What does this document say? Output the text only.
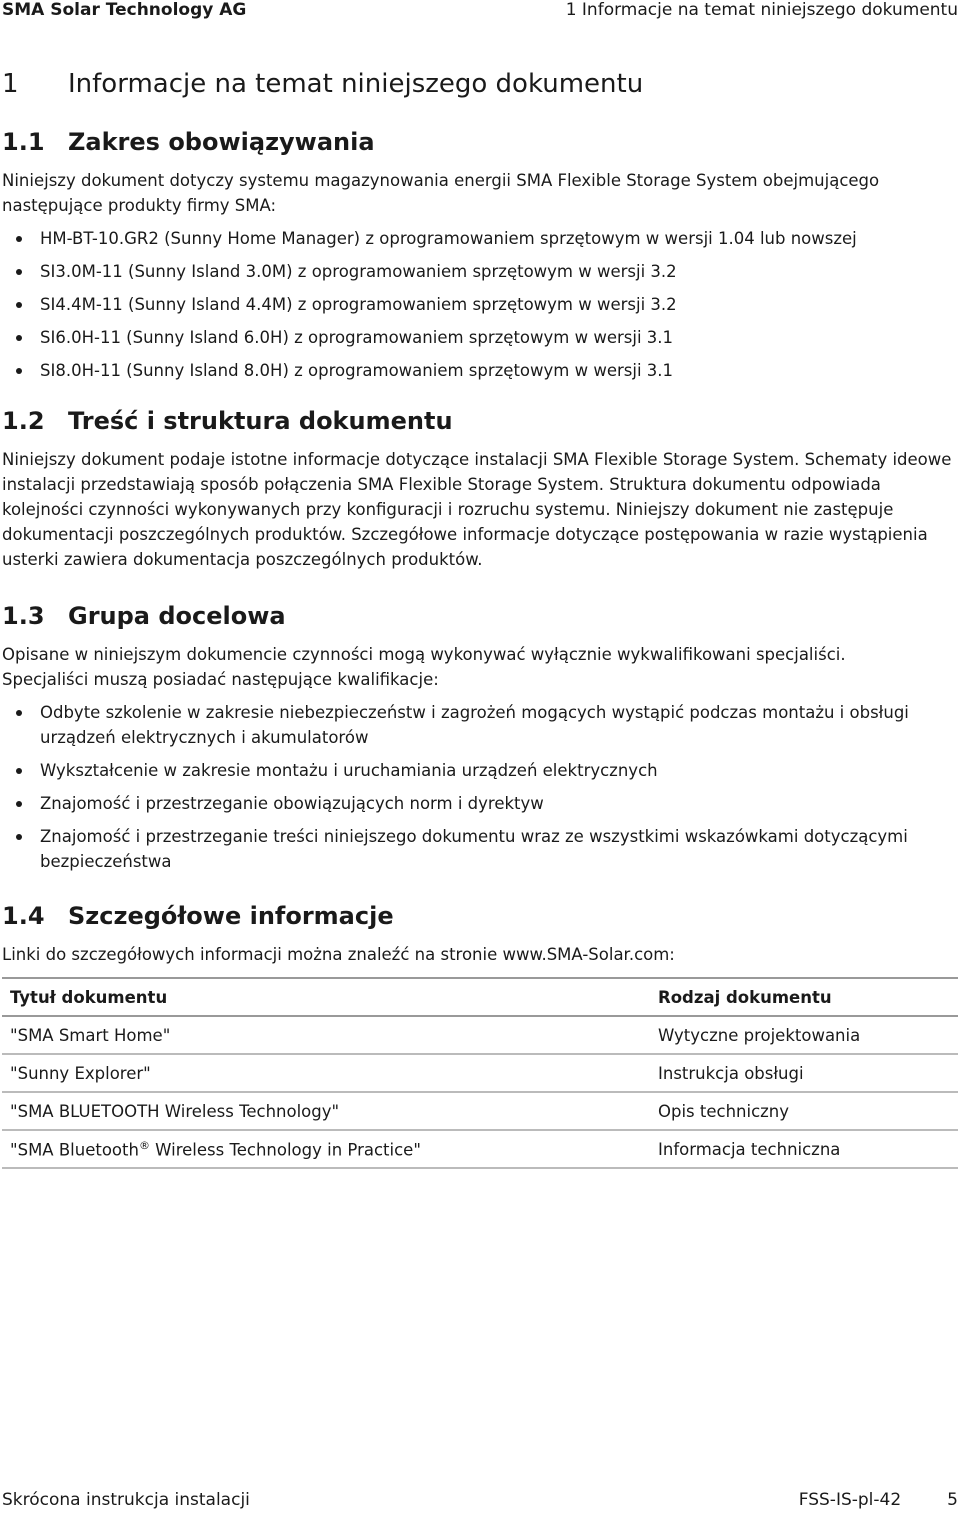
SMA Solar Technology AG	1 Informacje na temat niniejszego dokumentu
1 Informacje na temat niniejszego dokumentu
1.1 Zakres obowiązywania

Niniejszy dokument dotyczy systemu magazynowania energii SMA Flexible Storage System obejmującego następujące produkty firmy SMA:

HM-BT-10.GR2 (Sunny Home Manager) z oprogramowaniem sprzętowym w wersji 1.04 lub nowszej
SI3.0M-11 (Sunny Island 3.0M) z oprogramowaniem sprzętowym w wersji 3.2
SI4.4M-11 (Sunny Island 4.4M) z oprogramowaniem sprzętowym w wersji 3.2
SI6.0H-11 (Sunny Island 6.0H) z oprogramowaniem sprzętowym w wersji 3.1
SI8.0H-11 (Sunny Island 8.0H) z oprogramowaniem sprzętowym w wersji 3.1
1.2 Treść i struktura dokumentu

Niniejszy dokument podaje istotne informacje dotyczące instalacji SMA Flexible Storage System. Schematy ideowe instalacji przedstawiają sposób połączenia SMA Flexible Storage System. Struktura dokumentu odpowiada kolejności czynności wykonywanych przy konfiguracji i rozruchu systemu. Niniejszy dokument nie zastępuje dokumentacji poszczególnych produktów. Szczegółowe informacje dotyczące postępowania w razie wystąpienia usterki zawiera dokumentacja poszczególnych produktów.

1.3 Grupa docelowa

Opisane w niniejszym dokumencie czynności mogą wykonywać wyłącznie wykwalifikowani specjaliści.

Specjaliści muszą posiadać następujące kwalifikacje:

Odbyte szkolenie w zakresie niebezpieczeństw i zagrożeń mogących wystąpić podczas montażu i obsługi urządzeń elektrycznych i akumulatorów
Wykształcenie w zakresie montażu i uruchamiania urządzeń elektrycznych
Znajomość i przestrzeganie obowiązujących norm i dyrektyw
Znajomość i przestrzeganie treści niniejszego dokumentu wraz ze wszystkimi wskazówkami dotyczącymi bezpieczeństwa
1.4 Szczegółowe informacje

Linki do szczegółowych informacji można znaleźć na stronie www.SMA-Solar.com:

Tytuł dokumentu	Rodzaj dokumentu
"SMA Smart Home"	Wytyczne projektowania
"Sunny Explorer"	Instrukcja obsługi
"SMA BLUETOOTH Wireless Technology"	Opis techniczny
"SMA Bluetooth® Wireless Technology in Practice"	Informacja techniczna
Skrócona instrukcja instalacji	FSS-IS-pl-42	5
